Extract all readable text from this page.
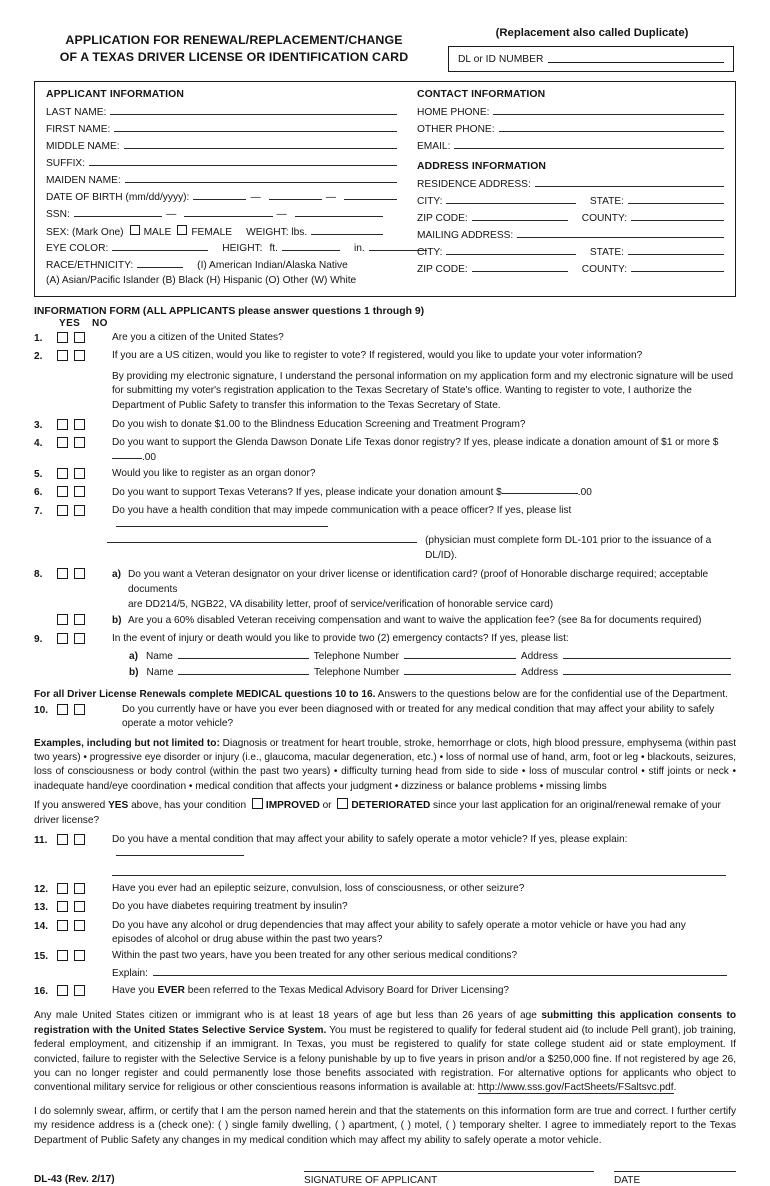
APPLICATION FOR RENEWAL/REPLACEMENT/CHANGE
OF A TEXAS DRIVER LICENSE OR IDENTIFICATION CARD
(Replacement also called Duplicate)
DL or ID NUMBER
APPLICANT INFORMATION
LAST NAME:
FIRST NAME:
MIDDLE NAME:
SUFFIX:
MAIDEN NAME:
DATE OF BIRTH (mm/dd/yyyy):	—	—
SSN:	—	—
SEX: (Mark One) MALE FEMALE WEIGHT: lbs.
EYE COLOR:	HEIGHT: ft.	in.
RACE/ETHNICITY:	(I) American Indian/Alaska Native
(A) Asian/Pacific Islander (B) Black (H) Hispanic (O) Other (W) White
CONTACT INFORMATION
HOME PHONE:
OTHER PHONE:
EMAIL:
ADDRESS INFORMATION
RESIDENCE ADDRESS:
CITY:	STATE:
ZIP CODE:	COUNTY:
MAILING ADDRESS:
CITY:	STATE:
ZIP CODE:	COUNTY:
INFORMATION FORM (ALL APPLICANTS please answer questions 1 through 9)
YES NO
1.	Are you a citizen of the United States?
2.	If you are a US citizen, would you like to register to vote? If registered, would you like to update your voter information?
By providing my electronic signature, I understand the personal information on my application form and my electronic signature will be used for submitting my voter's registration application to the Texas Secretary of State's office. Wanting to register to vote, I authorize the Department of Public Safety to transfer this information to the Texas Secretary of State.
3.	Do you wish to donate $1.00 to the Blindness Education Screening and Treatment Program?
4.	Do you want to support the Glenda Dawson Donate Life Texas donor registry? If yes, please indicate a donation amount of $1 or more $.00
5.	Would you like to register as an organ donor?
6.	Do you want to support Texas Veterans? If yes, please indicate your donation amount $	.00
7.	Do you have a health condition that may impede communication with a peace officer? If yes, please list
(physician must complete form DL-101 prior to the issuance of a DL/ID).
8.	a) Do you want a Veteran designator on your driver license or identification card? (proof of Honorable discharge required; acceptable documents
are DD214/5, NGB22, VA disability letter, proof of service/verification of honorable service card)
b) Are you a 60% disabled Veteran receiving compensation and want to waive the application fee? (see 8a for documents required)
9.	In the event of injury or death would you like to provide two (2) emergency contacts? If yes, please list:
a) Name	Telephone Number	Address
b) Name	Telephone Number	Address
For all Driver License Renewals complete MEDICAL questions 10 to 16. Answers to the questions below are for the confidential use of the Department.
10.	Do you currently have or have you ever been diagnosed with or treated for any medical condition that may affect your ability to safely operate a motor vehicle?
Examples, including but not limited to: Diagnosis or treatment for heart trouble, stroke, hemorrhage or clots, high blood pressure, emphysema (within past two years) • progressive eye disorder or injury (i.e., glaucoma, macular degeneration, etc.) • loss of normal use of hand, arm, foot or leg • blackouts, seizures, loss of consciousness or body control (within the past two years) • difficulty turning head from side to side • loss of muscular control • stiff joints or neck • inadequate hand/eye coordination • medical condition that affects your judgment • dizziness or balance problems • missing limbs
If you answered YES above, has your condition IMPROVED or DETERIORATED since your last application for an original/renewal remake of your driver license?
11.	Do you have a mental condition that may affect your ability to safely operate a motor vehicle? If yes, please explain:
12.	Have you ever had an epileptic seizure, convulsion, loss of consciousness, or other seizure?
13.	Do you have diabetes requiring treatment by insulin?
14.	Do you have any alcohol or drug dependencies that may affect your ability to safely operate a motor vehicle or have you had any episodes of alcohol or drug abuse within the past two years?
15.	Within the past two years, have you been treated for any other serious medical conditions?
Explain:
16.	Have you EVER been referred to the Texas Medical Advisory Board for Driver Licensing?
Any male United States citizen or immigrant who is at least 18 years of age but less than 26 years of age submitting this application consents to registration with the United States Selective Service System. You must be registered to qualify for federal student aid (to include Pell grant), job training, federal employment, and citizenship if an immigrant. In Texas, you must be registered to qualify for state college student aid or state employment. If convicted, failure to register with the Selective Service is a felony punishable by up to five years in prison and/or a $250,000 fine. If not registered by age 26, you can no longer register and could permanently lose those benefits associated with registration. For alternative options for applicants who object to conventional military service for religious or other conscientious reasons information is available at: http://www.sss.gov/FactSheets/FSaltsvc.pdf.
I do solemnly swear, affirm, or certify that I am the person named herein and that the statements on this information form are true and correct. I further certify my residence address is a (check one): ( ) single family dwelling, ( ) apartment, ( ) motel, ( ) temporary shelter. I agree to immediately report to the Texas Department of Public Safety any changes in my medical condition which may affect my ability to safely operate a motor vehicle.
DL-43 (Rev. 2/17)	SIGNATURE OF APPLICANT	DATE
